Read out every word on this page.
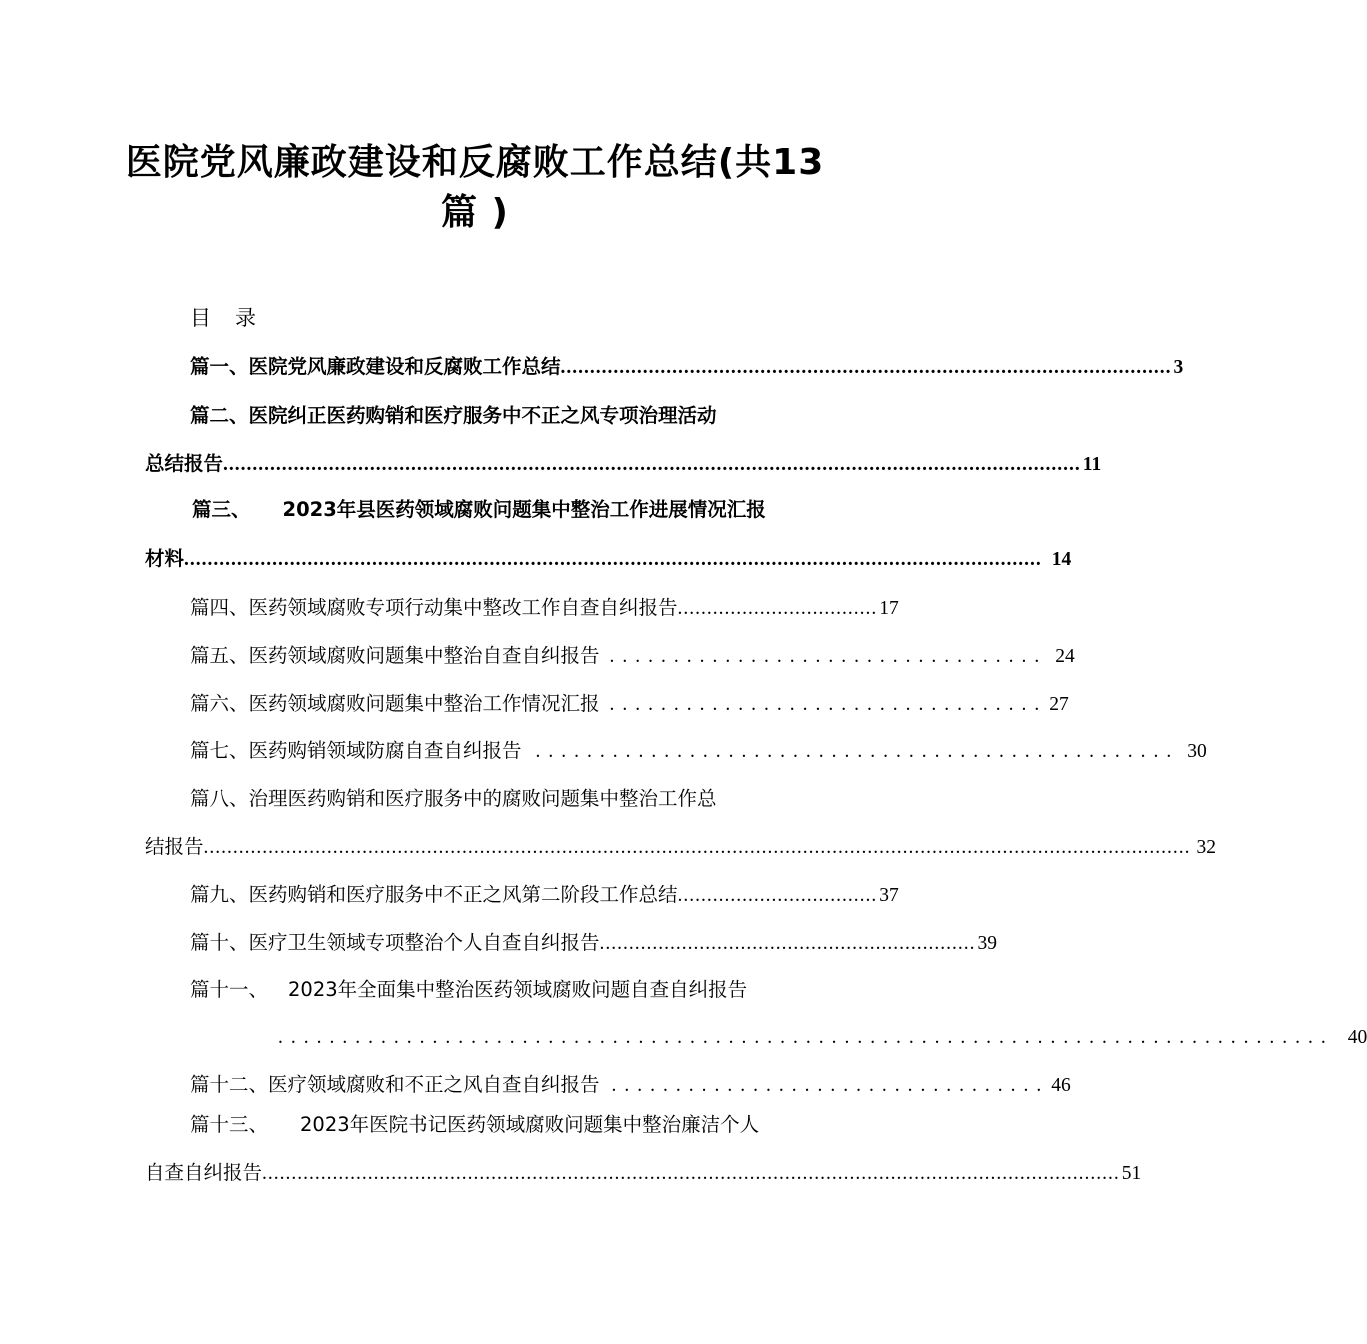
医院党风廉政建设和反腐败工作总结(共13
篇 )
目录
篇一、 医院党风廉政建设和反腐败工作总结 ........................................................................................................ 3
篇二、医院纠正医药购销和医疗服务中不正之风专项治理活动
总结报告 .................................................................................................................................................. 11
篇三、 2023年县医药领域腐败问题集中整治工作进展情况汇报
材料 .................................................................................................................................................. 14
篇四、 医药领域腐败专项行动集中整改工作自查自纠报告 .................................. 17
篇五、 医药领域腐败问题集中整治自查自纠报告 .................................. 24
篇六、 医药领域腐败问题集中整治工作情况汇报 .................................. 27
篇七、 医药购销领域防腐自查自纠报告 .................................................. 30
篇八、治理医药购销和医疗服务中的腐败问题集中整治工作总
结报告 ........................................................................................................................................................................ 32
篇九、 医药购销和医疗服务中不正之风第二阶段工作总结 .................................. 37
篇十、 医疗卫生领域专项整治个人自查自纠报告 ................................................................ 39
篇十一、 2023年全面集中整治医药领域腐败问题自查自纠报告
.................................................................................. 40
篇十二、 医疗领域腐败和不正之风自查自纠报告 .................................. 46
篇十三、 2023年医院书记医药领域腐败问题集中整治廉洁个人
自查自纠报告 .................................................................................................................................................. 51
